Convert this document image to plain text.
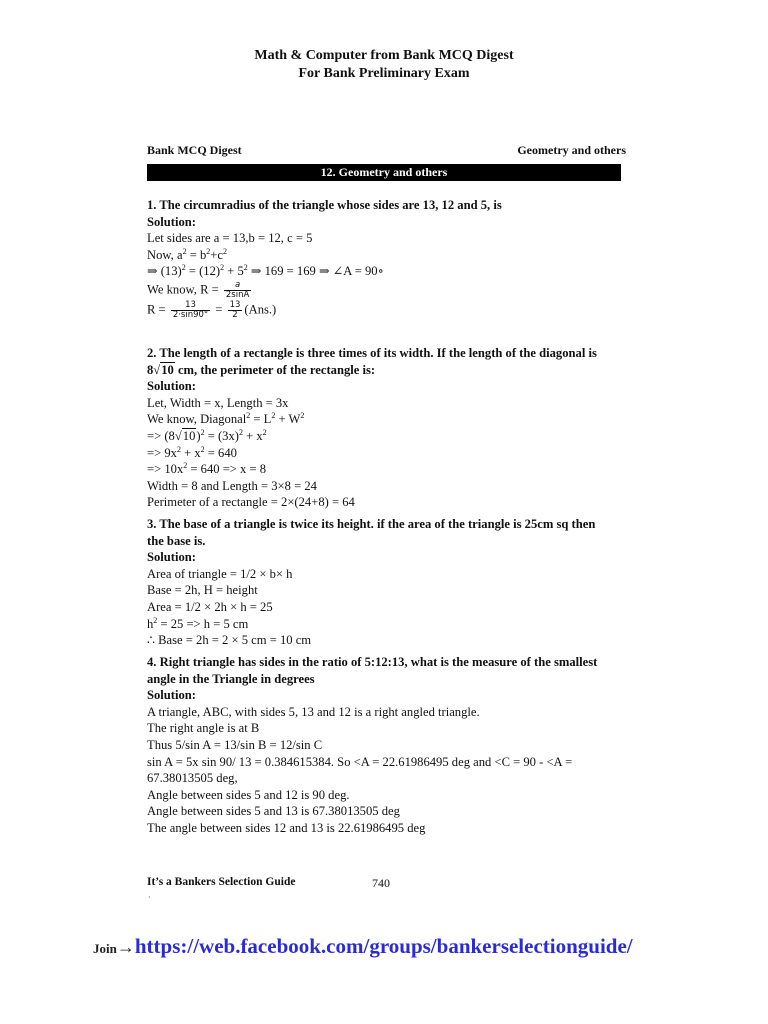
Math & Computer from Bank MCQ Digest
For Bank Preliminary Exam
Bank MCQ Digest	Geometry and others
12. Geometry and others
1. The circumradius of the triangle whose sides are 13, 12 and 5, is
Solution:
Let sides are a = 13,b = 12, c = 5
Now, $a^2 = b^2+c^2$
⇒ $(13)^2 = (12)^2 + 5^2$ ⇒ 169 = 169 ⇒ ∠A = 90∘
We know, $R = \frac{a}{2\sin A}$
$R = \frac{13}{2\cdot\sin 90^\circ} = \frac{13}{2} (Ans.)$
2. The length of a rectangle is three times of its width. If the length of the diagonal is
8√10 cm, the perimeter of the rectangle is:
Solution:
Let, Width = x, Length = 3x
We know, Diagonal$^2$ = $L^2 + W^2$
=> $(8√10)^2 = (3x)^2 + x^2$
=> $9x^2 + x^2 = 640$
=> $10x^2 = 640 => x = 8$
Width = 8 and Length = 3×8 = 24
Perimeter of a rectangle = 2×(24+8) = 64
3. The base of a triangle is twice its height. if the area of the triangle is 25cm sq then
the base is.
Solution:
Area of triangle = 1/2 × b× h
Base = 2h, H = height
Area = 1/2 × 2h × h = 25
$h^2 = 25 => h = 5$ cm
∴ Base = 2h = 2 × 5 cm = 10 cm
4. Right triangle has sides in the ratio of 5:12:13, what is the measure of the smallest
angle in the Triangle in degrees
Solution:
A triangle, ABC, with sides 5, 13 and 12 is a right angled triangle.
The right angle is at B
Thus 5/sin A = 13/sin B = 12/sin C
sin A = 5x sin 90/ 13 = 0.384615384. So <A = 22.61986495 deg and <C = 90 - <A =
67.38013505 deg,
Angle between sides 5 and 12 is 90 deg.
Angle between sides 5 and 13 is 67.38013505 deg
The angle between sides 12 and 13 is 22.61986495 deg
It’s a Bankers Selection Guide	740
·
Join→https://web.facebook.com/groups/bankerselectionguide/
